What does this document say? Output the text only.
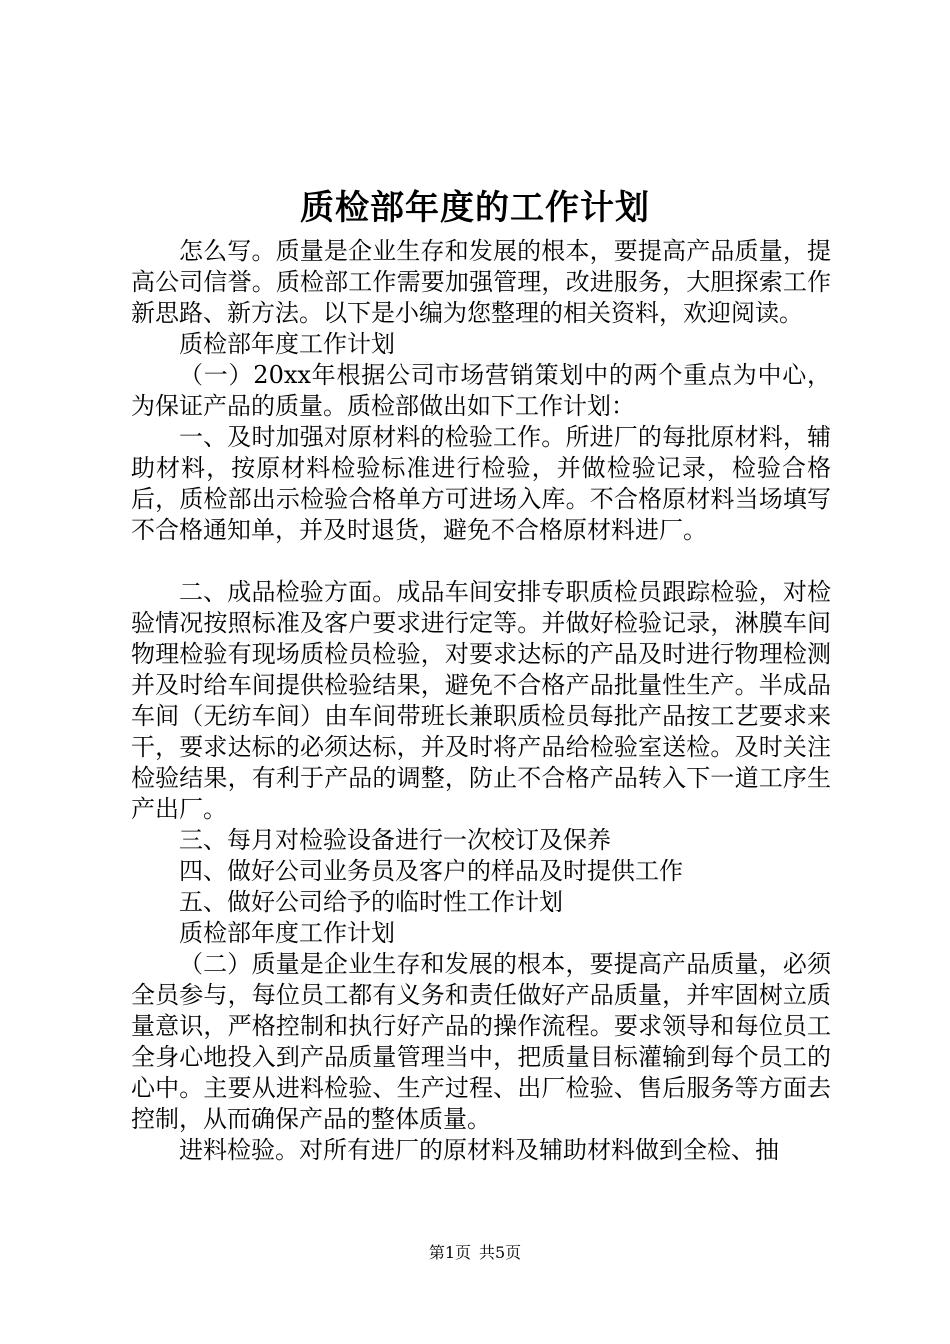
质检部年度的工作计划

怎么写。质量是企业生存和发展的根本，要提高产品质量，提高公司信誉。质检部工作需要加强管理，改进服务，大胆探索工作新思路、新方法。以下是小编为您整理的相关资料，欢迎阅读。

质检部年度工作计划

（一）20xx年根据公司市场营销策划中的两个重点为中心，为保证产品的质量。质检部做出如下工作计划：

一、及时加强对原材料的检验工作。所进厂的每批原材料，辅助材料，按原材料检验标准进行检验，并做检验记录，检验合格后，质检部出示检验合格单方可进场入库。不合格原材料当场填写不合格通知单，并及时退货，避免不合格原材料进厂。

二、成品检验方面。成品车间安排专职质检员跟踪检验，对检验情况按照标准及客户要求进行定等。并做好检验记录，淋膜车间物理检验有现场质检员检验，对要求达标的产品及时进行物理检测并及时给车间提供检验结果，避免不合格产品批量性生产。半成品车间（无纺车间）由车间带班长兼职质检员每批产品按工艺要求来干，要求达标的必须达标，并及时将产品给检验室送检。及时关注检验结果，有利于产品的调整，防止不合格产品转入下一道工序生产出厂。

三、每月对检验设备进行一次校订及保养

四、做好公司业务员及客户的样品及时提供工作

五、做好公司给予的临时性工作计划

质检部年度工作计划

（二）质量是企业生存和发展的根本，要提高产品质量，必须全员参与，每位员工都有义务和责任做好产品质量，并牢固树立质量意识，严格控制和执行好产品的操作流程。要求领导和每位员工全身心地投入到产品质量管理当中，把质量目标灌输到每个员工的心中。主要从进料检验、生产过程、出厂检验、售后服务等方面去控制，从而确保产品的整体质量。

进料检验。对所有进厂的原材料及辅助材料做到全检、抽

第1页 共5页
